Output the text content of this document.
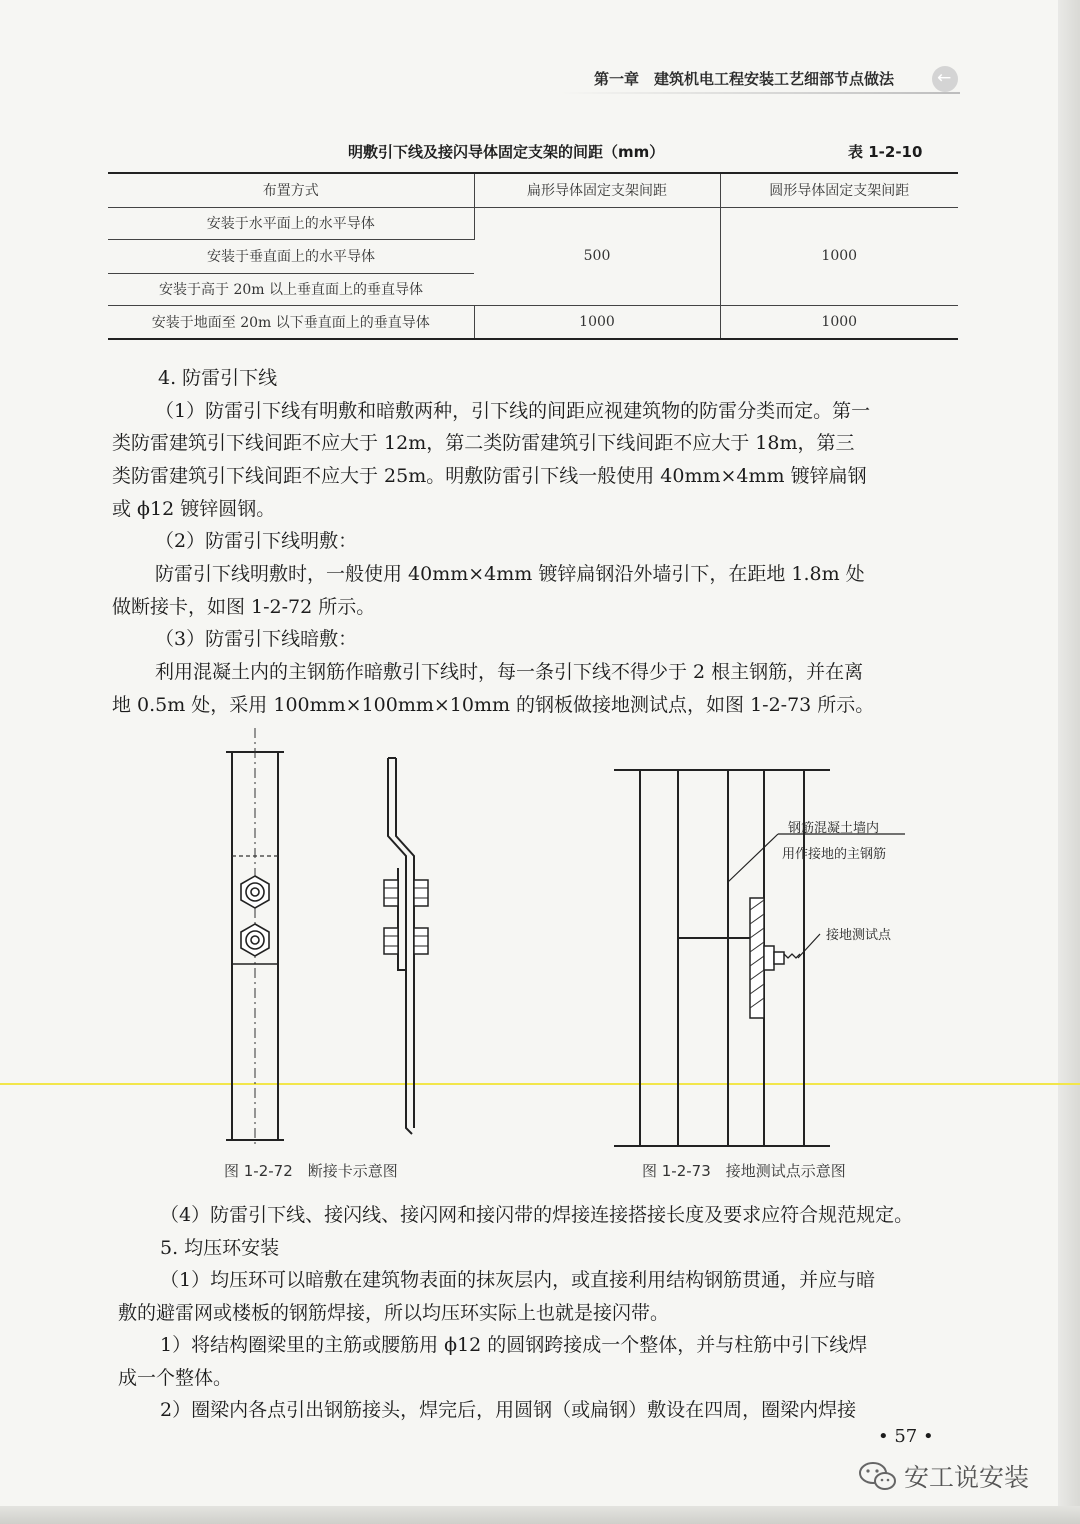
第一章　建筑机电工程安装工艺细部节点做法	←
明敷引下线及接闪导体固定支架的间距（mm）	表 1-2-10
布置方式	扁形导体固定支架间距	圆形导体固定支架间距
安装于水平面上的水平导体	500	1000
安装于垂直面上的水平导体		
安装于高于 20m 以上垂直面上的垂直导体		
安装于地面至 20m 以下垂直面上的垂直导体	1000	1000
4. 防雷引下线
（1）防雷引下线有明敷和暗敷两种，引下线的间距应视建筑物的防雷分类而定。第一
类防雷建筑引下线间距不应大于 12m，第二类防雷建筑引下线间距不应大于 18m，第三
类防雷建筑引下线间距不应大于 25m。明敷防雷引下线一般使用 40mm×4mm 镀锌扁钢
或 ϕ12 镀锌圆钢。
（2）防雷引下线明敷：
防雷引下线明敷时，一般使用 40mm×4mm 镀锌扁钢沿外墙引下，在距地 1.8m 处
做断接卡，如图 1-2-72 所示。
（3）防雷引下线暗敷：
利用混凝土内的主钢筋作暗敷引下线时，每一条引下线不得少于 2 根主钢筋，并在离
地 0.5m 处，采用 100mm×100mm×10mm 的钢板做接地测试点，如图 1-2-73 所示。
钢筋混凝土墙内
用作接地的主钢筋
接地测试点
图 1-2-72　断接卡示意图	图 1-2-73　接地测试点示意图
（4）防雷引下线、接闪线、接闪网和接闪带的焊接连接搭接长度及要求应符合规范规定。
5. 均压环安装
（1）均压环可以暗敷在建筑物表面的抹灰层内，或直接利用结构钢筋贯通，并应与暗
敷的避雷网或楼板的钢筋焊接，所以均压环实际上也就是接闪带。
1）将结构圈梁里的主筋或腰筋用 ϕ12 的圆钢跨接成一个整体，并与柱筋中引下线焊
成一个整体。
2）圈梁内各点引出钢筋接头，焊完后，用圆钢（或扁钢）敷设在四周，圈梁内焊接
• 57 •
安工说安装
